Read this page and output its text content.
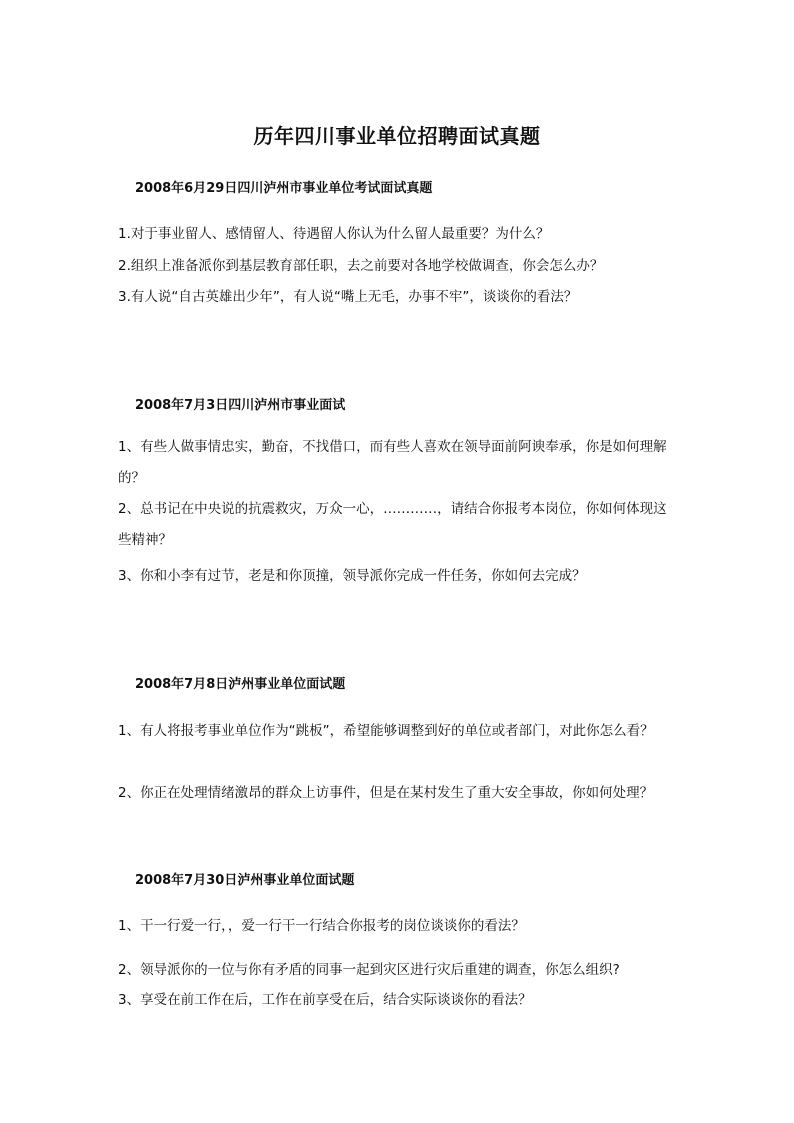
历年四川事业单位招聘面试真题
2008年6月29日四川泸州市事业单位考试面试真题
1.对于事业留人、感情留人、待遇留人你认为什么留人最重要？为什么？
2.组织上准备派你到基层教育部任职，去之前要对各地学校做调查，你会怎么办？
3.有人说“自古英雄出少年”，有人说“嘴上无毛，办事不牢”，谈谈你的看法？
2008年7月3日四川泸州市事业面试
1、有些人做事情忠实，勤奋，不找借口，而有些人喜欢在领导面前阿谀奉承，你是如何理解的？
2、总书记在中央说的抗震救灾，万众一心，…………，请结合你报考本岗位，你如何体现这些精神？
3、你和小李有过节，老是和你顶撞，领导派你完成一件任务，你如何去完成？
2008年7月8日泸州事业单位面试题
1、有人将报考事业单位作为“跳板”，希望能够调整到好的单位或者部门，对此你怎么看？
2、你正在处理情绪激昂的群众上访事件，但是在某村发生了重大安全事故，你如何处理？
2008年7月30日泸州事业单位面试题
1、干一行爱一行，，爱一行干一行结合你报考的岗位谈谈你的看法？
2、领导派你的一位与你有矛盾的同事一起到灾区进行灾后重建的调查，你怎么组织?
3、享受在前工作在后，工作在前享受在后，结合实际谈谈你的看法？
